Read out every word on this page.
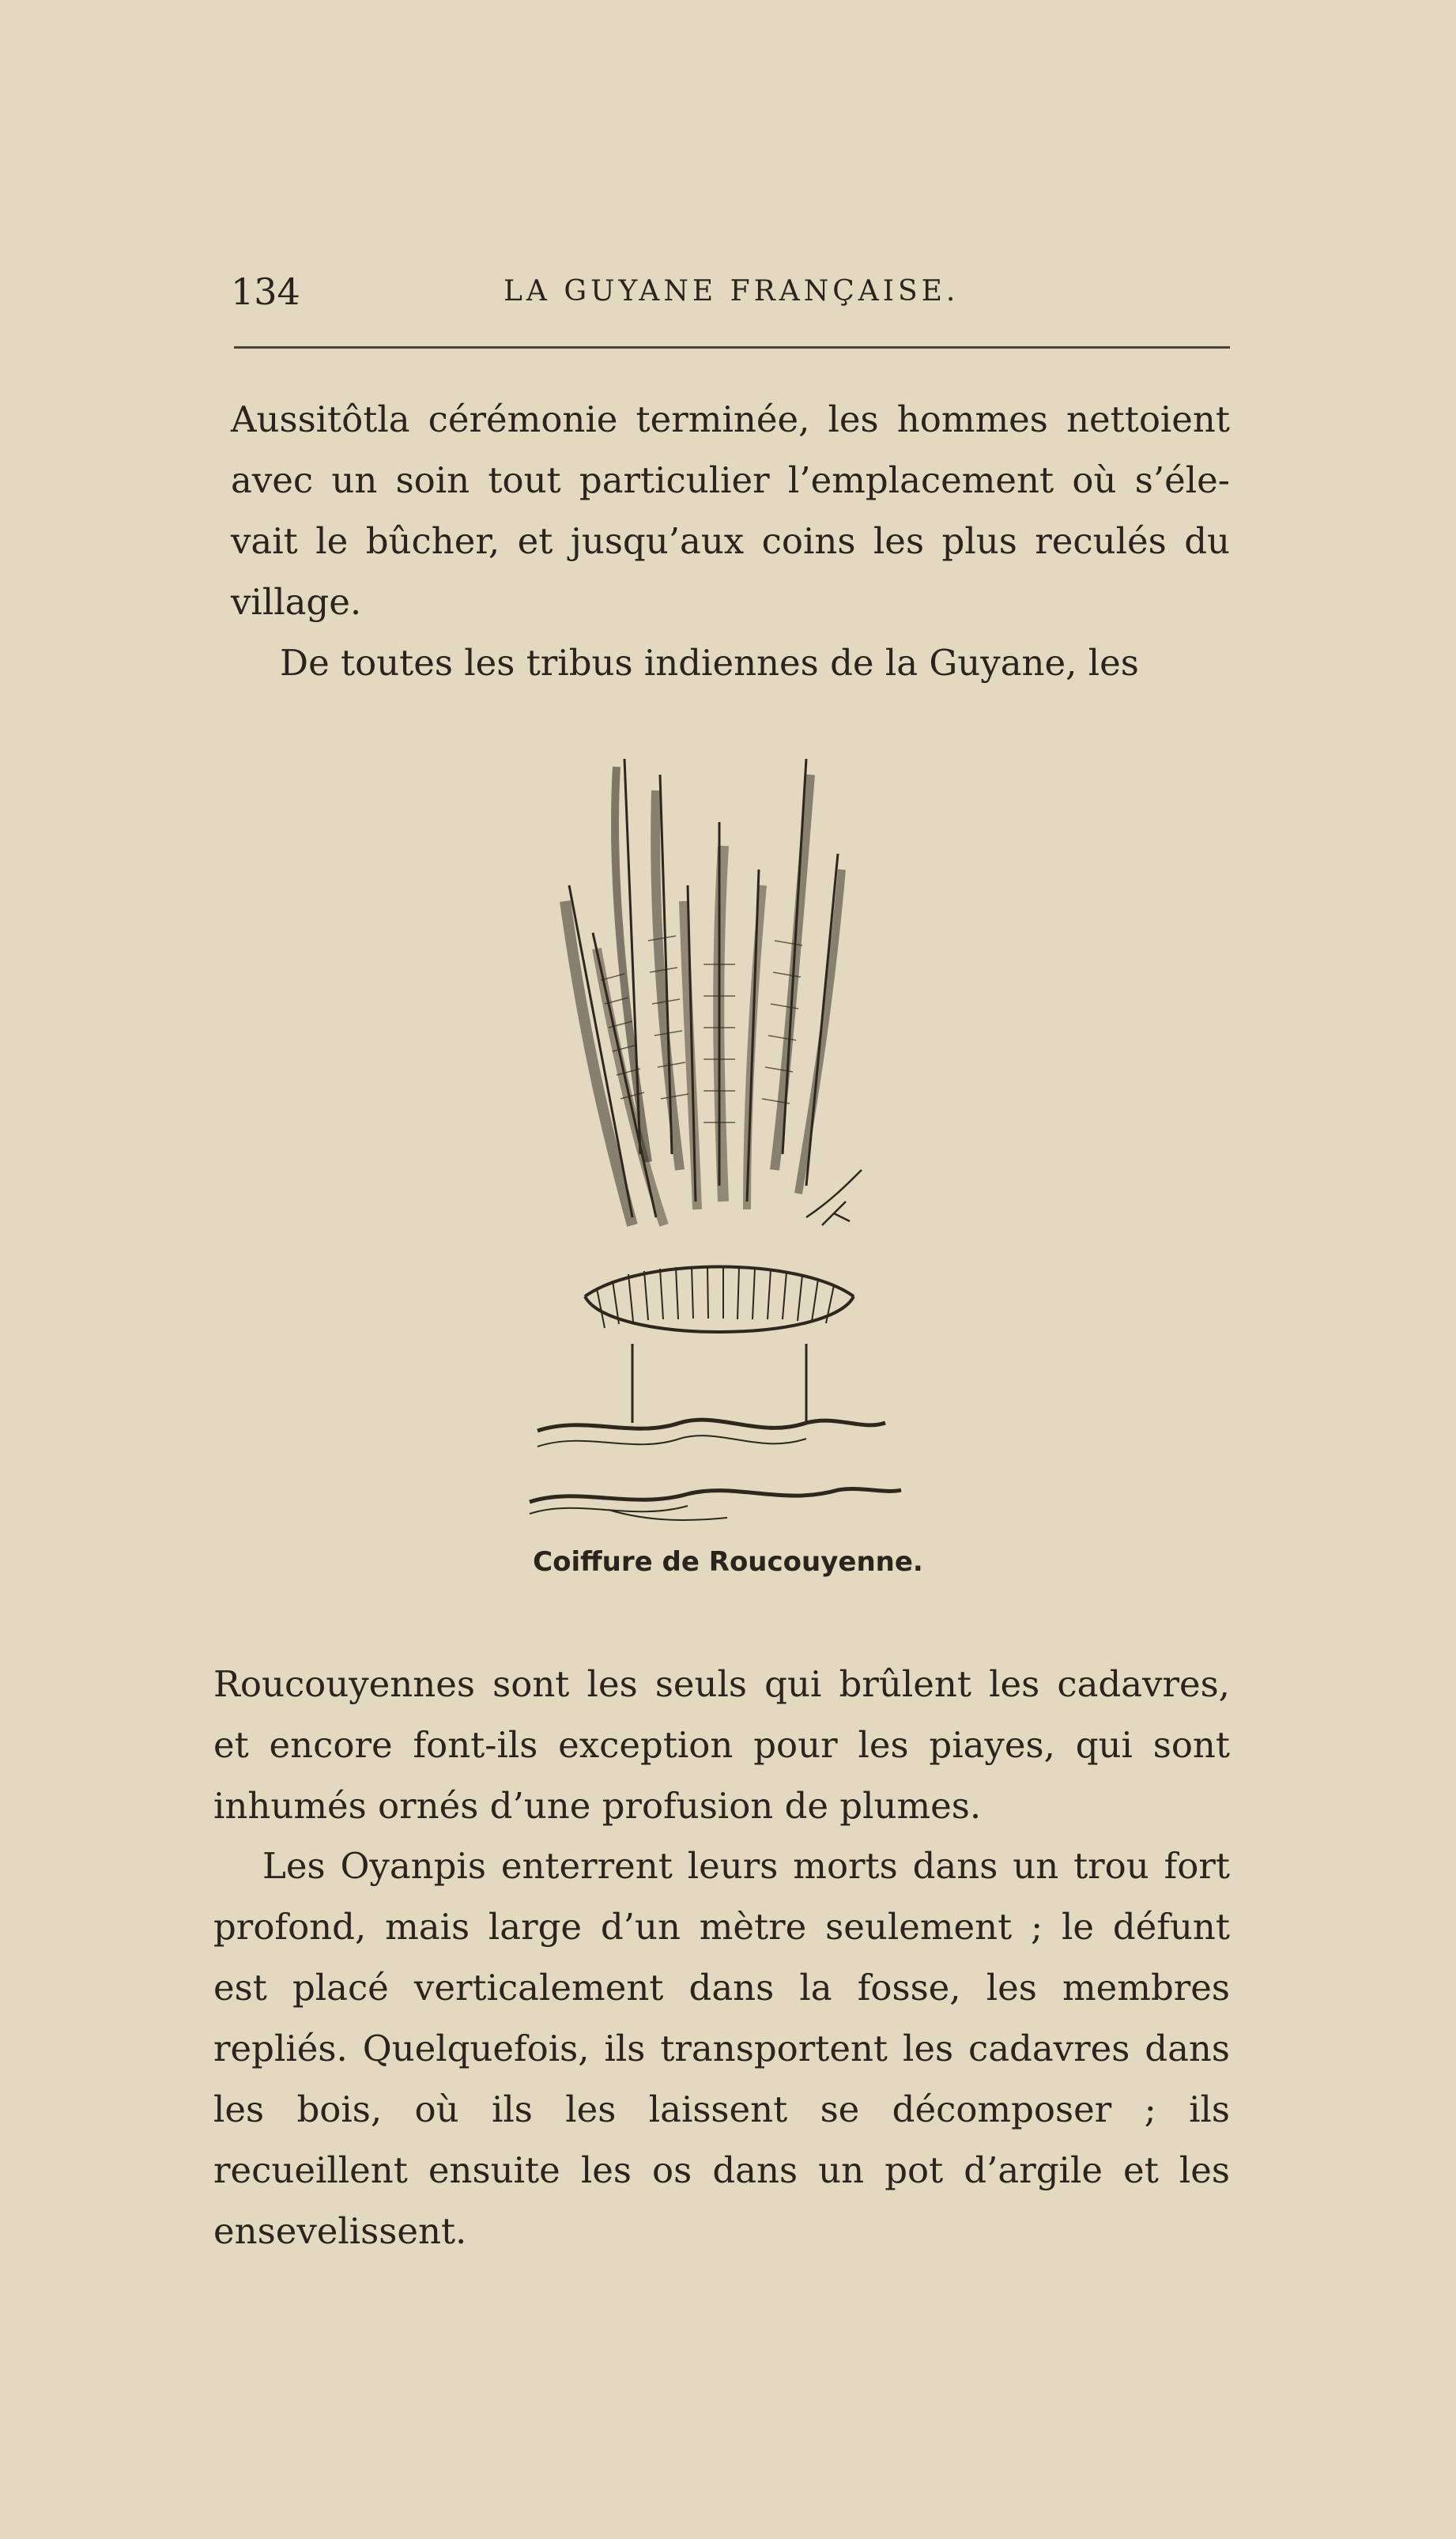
134	LA GUYANE FRANÇAISE.

Aussitôtla cérémonie terminée, les hommes nettoient avec un soin tout particulier l’emplacement où s’élevait le bûcher, et jusqu’aux coins les plus reculés du village.

De toutes les tribus indiennes de la Guyane, les

Coiffure de Roucouyenne.

Roucouyennes sont les seuls qui brûlent les cadavres, et encore font-ils exception pour les piayes, qui sont inhumés ornés d’une profusion de plumes.

Les Oyanpis enterrent leurs morts dans un trou fort profond, mais large d’un mètre seulement ; le défunt est placé verticalement dans la fosse, les membres repliés. Quelquefois, ils transportent les cadavres dans les bois, où ils les laissent se décomposer ; ils recueillent ensuite les os dans un pot d’argile et les ensevelissent.
